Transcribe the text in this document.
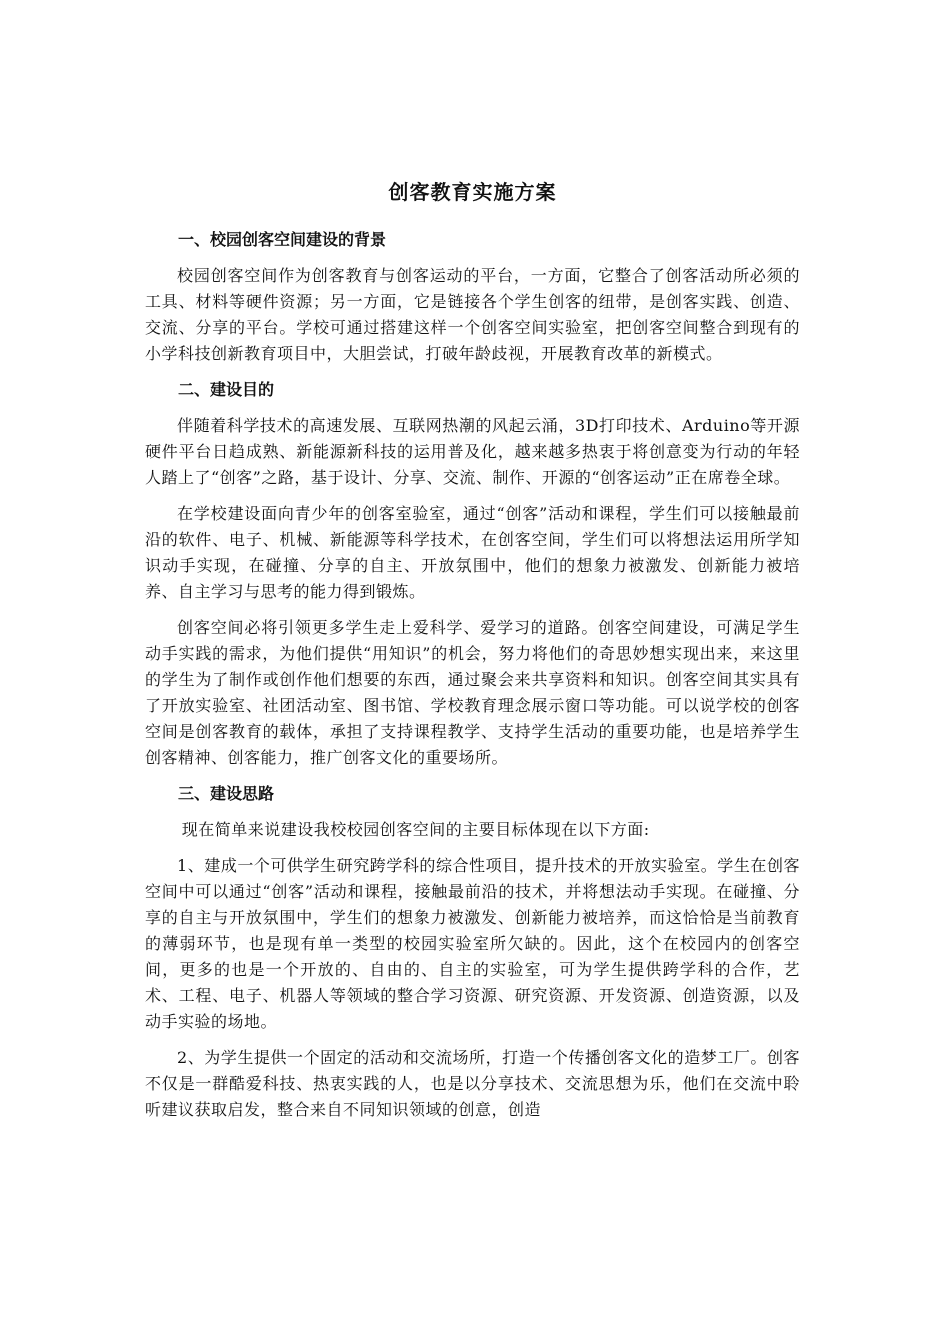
创客教育实施方案
一、校园创客空间建设的背景

校园创客空间作为创客教育与创客运动的平台，一方面，它整合了创客活动所必须的工具、材料等硬件资源；另一方面，它是链接各个学生创客的纽带，是创客实践、创造、交流、分享的平台。学校可通过搭建这样一个创客空间实验室，把创客空间整合到现有的小学科技创新教育项目中，大胆尝试，打破年龄歧视，开展教育改革的新模式。

二、建设目的

伴随着科学技术的高速发展、互联网热潮的风起云涌，3D打印技术、Arduino等开源硬件平台日趋成熟、新能源新科技的运用普及化，越来越多热衷于将创意变为行动的年轻人踏上了“创客”之路，基于设计、分享、交流、制作、开源的“创客运动”正在席卷全球。

在学校建设面向青少年的创客室验室，通过“创客”活动和课程，学生们可以接触最前沿的软件、电子、机械、新能源等科学技术，在创客空间，学生们可以将想法运用所学知识动手实现，在碰撞、分享的自主、开放氛围中，他们的想象力被激发、创新能力被培养、自主学习与思考的能力得到锻炼。

创客空间必将引领更多学生走上爱科学、爱学习的道路。创客空间建设，可满足学生动手实践的需求，为他们提供“用知识”的机会，努力将他们的奇思妙想实现出来，来这里的学生为了制作或创作他们想要的东西，通过聚会来共享资料和知识。创客空间其实具有了开放实验室、社团活动室、图书馆、学校教育理念展示窗口等功能。可以说学校的创客空间是创客教育的载体，承担了支持课程教学、支持学生活动的重要功能，也是培养学生创客精神、创客能力，推广创客文化的重要场所。

三、建设思路

现在简单来说建设我校校园创客空间的主要目标体现在以下方面:

1、建成一个可供学生研究跨学科的综合性项目，提升技术的开放实验室。学生在创客空间中可以通过“创客”活动和课程，接触最前沿的技术，并将想法动手实现。在碰撞、分享的自主与开放氛围中，学生们的想象力被激发、创新能力被培养，而这恰恰是当前教育的薄弱环节，也是现有单一类型的校园实验室所欠缺的。因此，这个在校园内的创客空间，更多的也是一个开放的、自由的、自主的实验室，可为学生提供跨学科的合作，艺术、工程、电子、机器人等领域的整合学习资源、研究资源、开发资源、创造资源，以及动手实验的场地。

2、为学生提供一个固定的活动和交流场所，打造一个传播创客文化的造梦工厂。创客不仅是一群酷爱科技、热衷实践的人，也是以分享技术、交流思想为乐，他们在交流中聆听建议获取启发，整合来自不同知识领域的创意，创造
